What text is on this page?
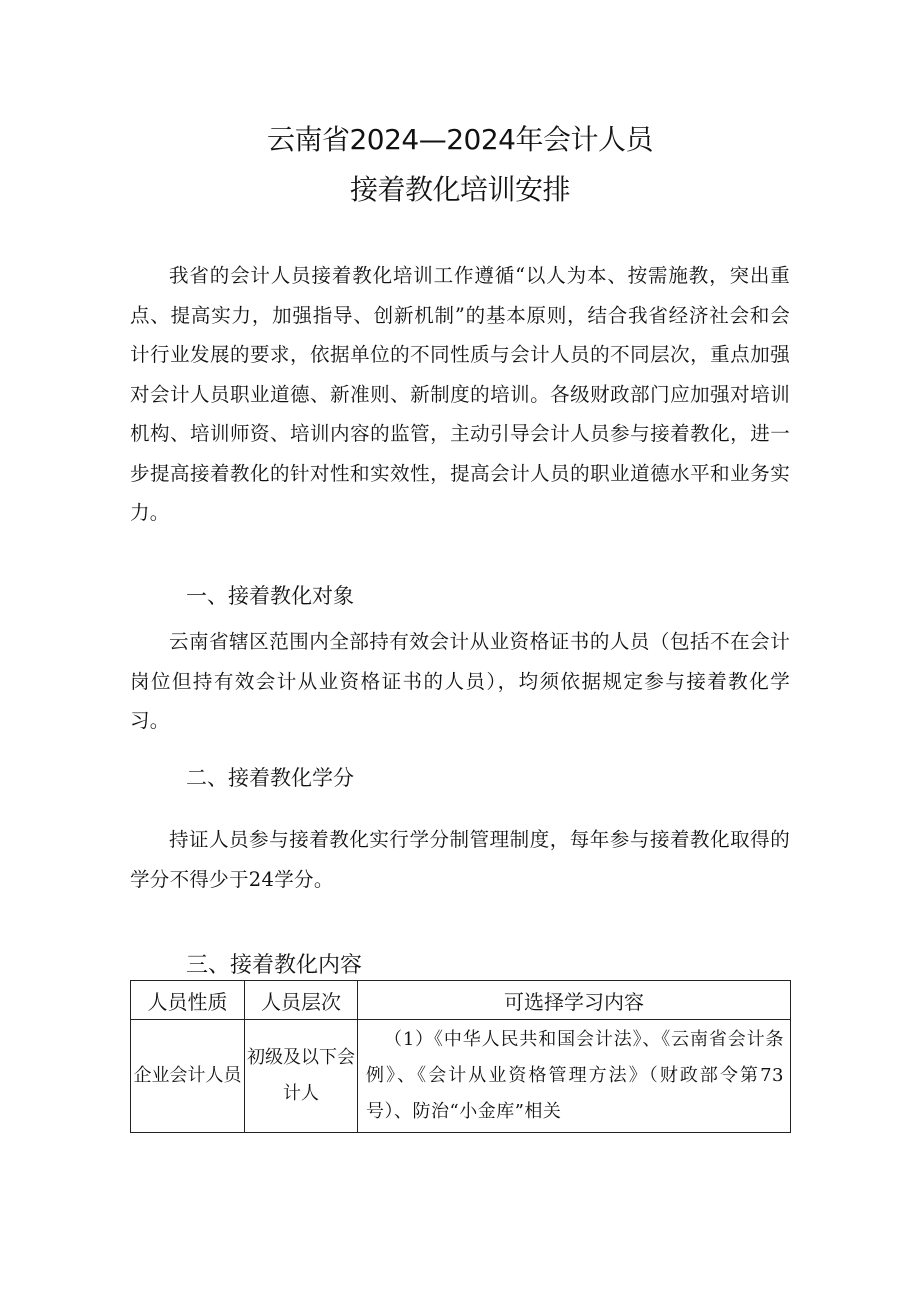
云南省2024—2024年会计人员
接着教化培训安排
我省的会计人员接着教化培训工作遵循“以人为本、按需施教，突出重点、提高实力，加强指导、创新机制”的基本原则，结合我省经济社会和会计行业发展的要求，依据单位的不同性质与会计人员的不同层次，重点加强对会计人员职业道德、新准则、新制度的培训。各级财政部门应加强对培训机构、培训师资、培训内容的监管，主动引导会计人员参与接着教化，进一步提高接着教化的针对性和实效性，提高会计人员的职业道德水平和业务实力。
一、接着教化对象
云南省辖区范围内全部持有效会计从业资格证书的人员（包括不在会计岗位但持有效会计从业资格证书的人员），均须依据规定参与接着教化学习。
二、接着教化学分
持证人员参与接着教化实行学分制管理制度，每年参与接着教化取得的学分不得少于24学分。
三、接着教化内容
人员性质	人员层次	可选择学习内容
企业会计人员	初级及以下会计人	（1）《中华人民共和国会计法》、《云南省会计条例》、《会计从业资格管理方法》（财政部令第73号）、防治“小金库”相关
